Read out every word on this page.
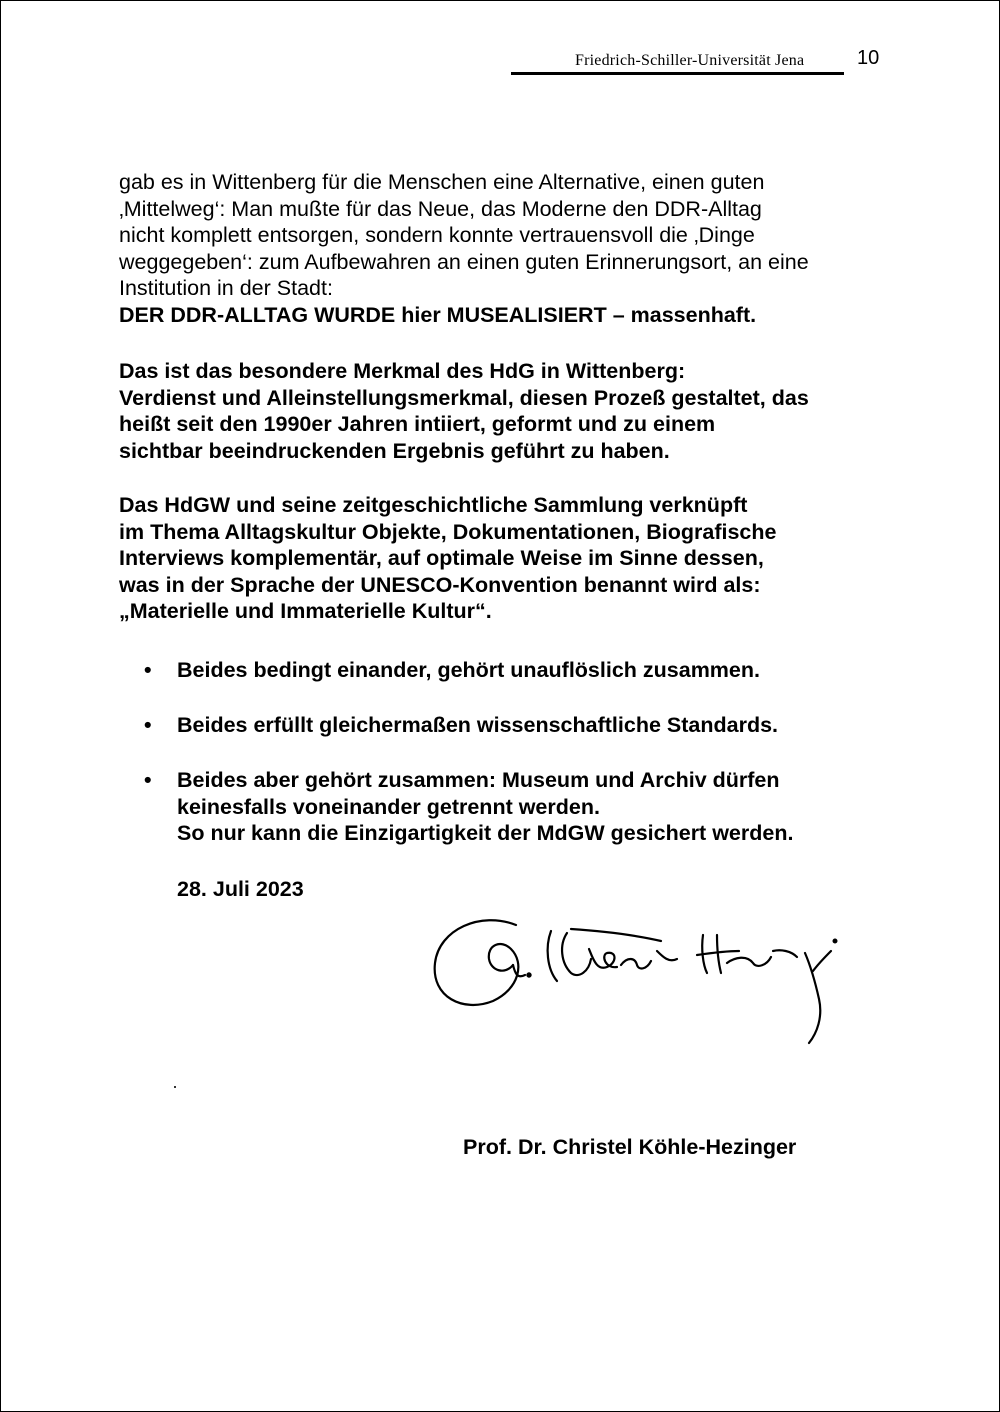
Friedrich-Schiller-Universität Jena	10
gab es in Wittenberg für die Menschen eine Alternative, einen guten
‚Mittelweg‘: Man mußte für das Neue, das Moderne den DDR-Alltag
nicht komplett entsorgen, sondern konnte vertrauensvoll die ‚Dinge
weggegeben‘: zum Aufbewahren an einen guten Erinnerungsort, an eine
Institution in der Stadt:
DER DDR-ALLTAG WURDE hier MUSEALISIERT – massenhaft.
Das ist das besondere Merkmal des HdG in Wittenberg:
Verdienst und Alleinstellungsmerkmal, diesen Prozeß gestaltet, das
heißt seit den 1990er Jahren intiiert, geformt und zu einem
sichtbar beeindruckenden Ergebnis geführt zu haben.
Das HdGW und seine zeitgeschichtliche Sammlung verknüpft
im Thema Alltagskultur Objekte, Dokumentationen, Biografische
Interviews komplementär, auf optimale Weise im Sinne dessen,
was in der Sprache der UNESCO-Konvention benannt wird als:
„Materielle und Immaterielle Kultur“.
•	Beides bedingt einander, gehört unauflöslich zusammen.
•	Beides erfüllt gleichermaßen wissenschaftliche Standards.
•	Beides aber gehört zusammen: Museum und Archiv dürfen
keinesfalls voneinander getrennt werden.
So nur kann die Einzigartigkeit der MdGW gesichert werden.
28. Juli 2023
Prof. Dr. Christel Köhle-Hezinger
